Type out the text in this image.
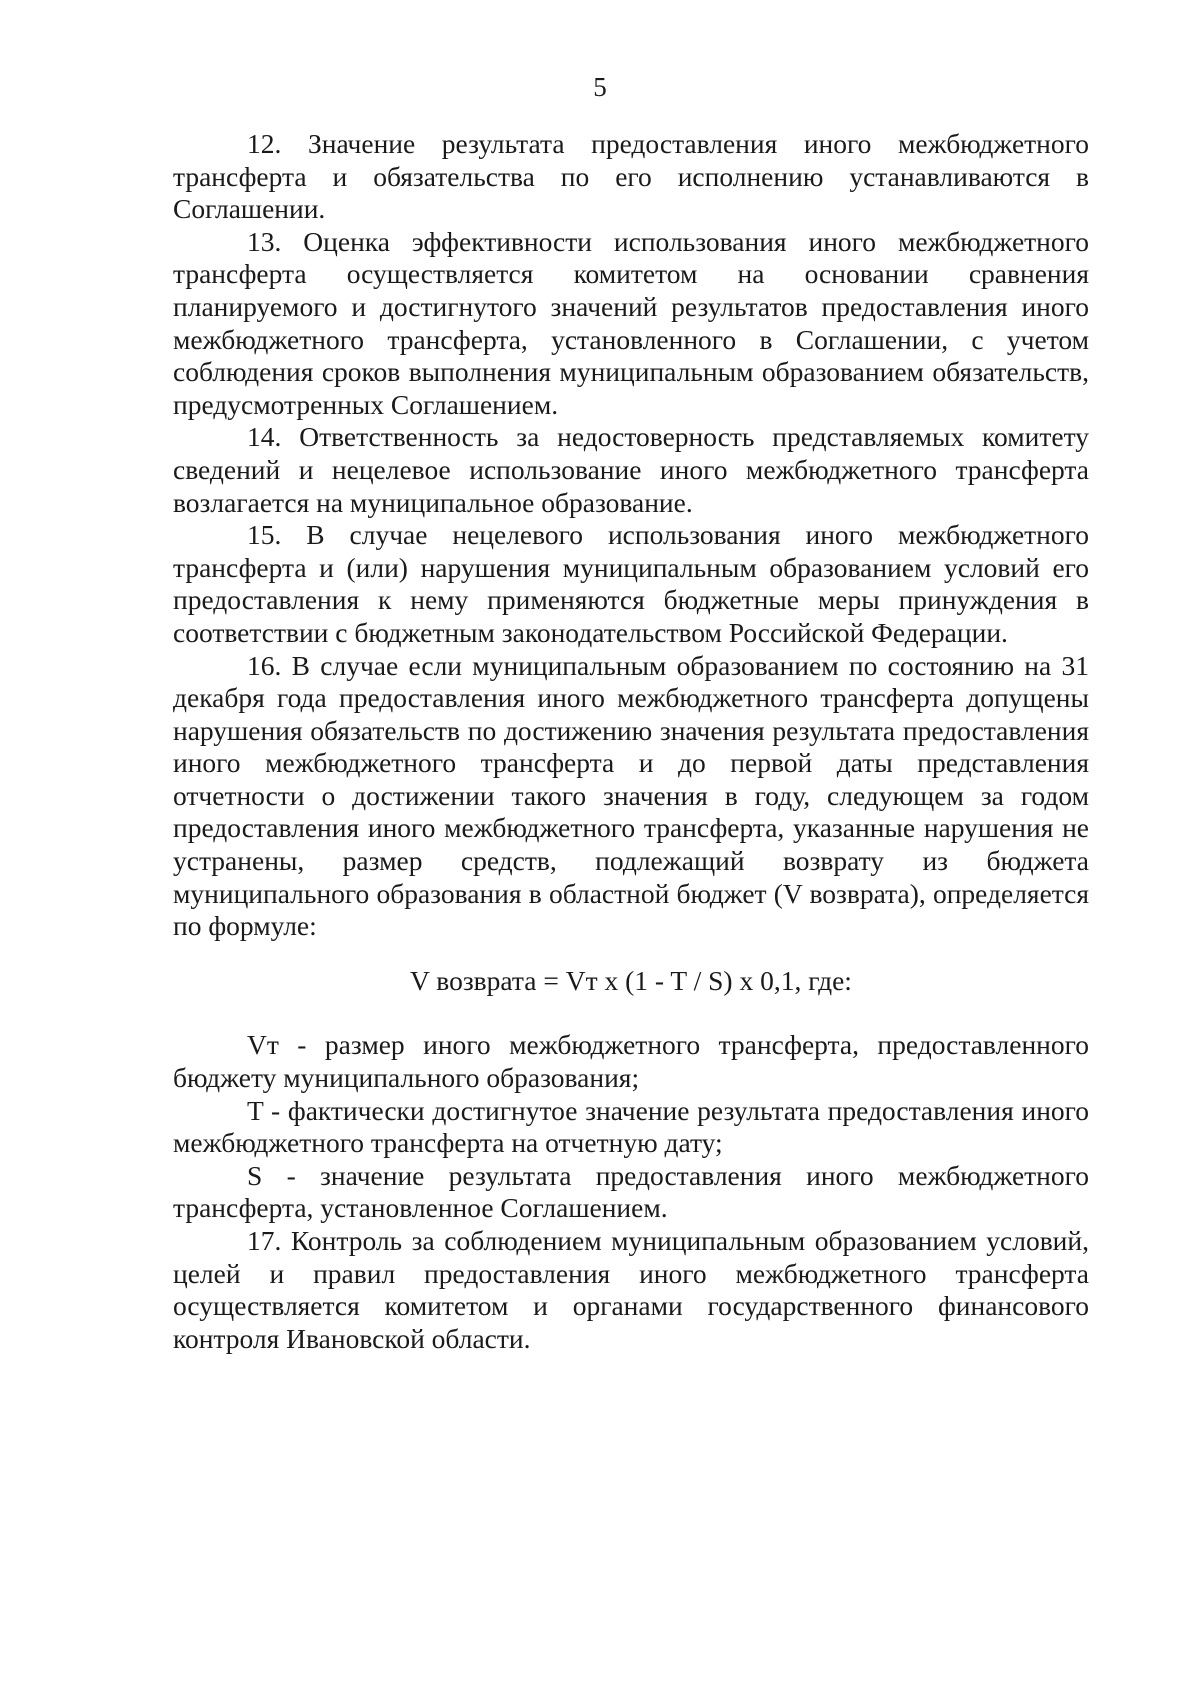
5

12. Значение результата предоставления иного межбюджетного трансферта и обязательства по его исполнению устанавливаются в Соглашении.

13. Оценка эффективности использования иного межбюджетного трансферта осуществляется комитетом на основании сравнения планируемого и достигнутого значений результатов предоставления иного межбюджетного трансферта, установленного в Соглашении, с учетом соблюдения сроков выполнения муниципальным образованием обязательств, предусмотренных Соглашением.

14. Ответственность за недостоверность представляемых комитету сведений и нецелевое использование иного межбюджетного трансферта возлагается на муниципальное образование.

15. В случае нецелевого использования иного межбюджетного трансферта и (или) нарушения муниципальным образованием условий его предоставления к нему применяются бюджетные меры принуждения в соответствии с бюджетным законодательством Российской Федерации.

16. В случае если муниципальным образованием по состоянию на 31 декабря года предоставления иного межбюджетного трансферта допущены нарушения обязательств по достижению значения результата предоставления иного межбюджетного трансферта и до первой даты представления отчетности о достижении такого значения в году, следующем за годом предоставления иного межбюджетного трансферта, указанные нарушения не устранены, размер средств, подлежащий возврату из бюджета муниципального образования в областной бюджет (V возврата), определяется по формуле:

V возврата = Vт x (1 - T / S) x 0,1, где:

Vт - размер иного межбюджетного трансферта, предоставленного бюджету муниципального образования;

T - фактически достигнутое значение результата предоставления иного межбюджетного трансферта на отчетную дату;

S - значение результата предоставления иного межбюджетного трансферта, установленное Соглашением.

17. Контроль за соблюдением муниципальным образованием условий, целей и правил предоставления иного межбюджетного трансферта осуществляется комитетом и органами государственного финансового контроля Ивановской области.
